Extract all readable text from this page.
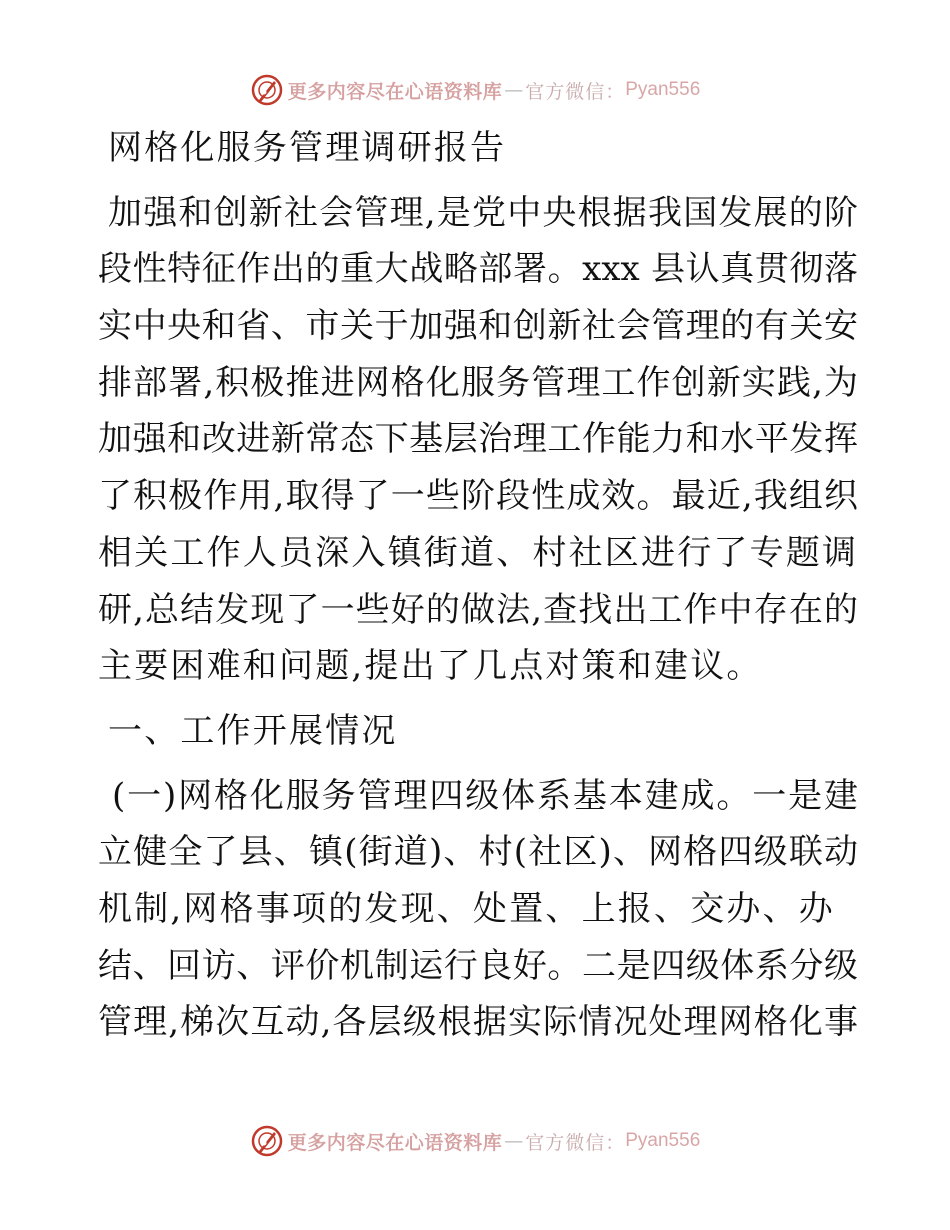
更多内容尽在心语资料库 — 官方微信： Pyan556
网格化服务管理调研报告
加强和创新社会管理,是党中央根据我国发展的阶
段性特征作出的重大战略部署。xxx 县认真贯彻落
实中央和省、市关于加强和创新社会管理的有关安
排部署,积极推进网格化服务管理工作创新实践,为
加强和改进新常态下基层治理工作能力和水平发挥
了积极作用,取得了一些阶段性成效。最近,我组织
相关工作人员深入镇街道、村社区进行了专题调
研,总结发现了一些好的做法,查找出工作中存在的
主要困难和问题,提出了几点对策和建议。
一、工作开展情况
(一)网格化服务管理四级体系基本建成。一是建
立健全了县、镇(街道)、村(社区)、网格四级联动
机制,网格事项的发现、处置、上报、交办、办
结、回访、评价机制运行良好。二是四级体系分级
管理,梯次互动,各层级根据实际情况处理网格化事
更多内容尽在心语资料库 — 官方微信： Pyan556
